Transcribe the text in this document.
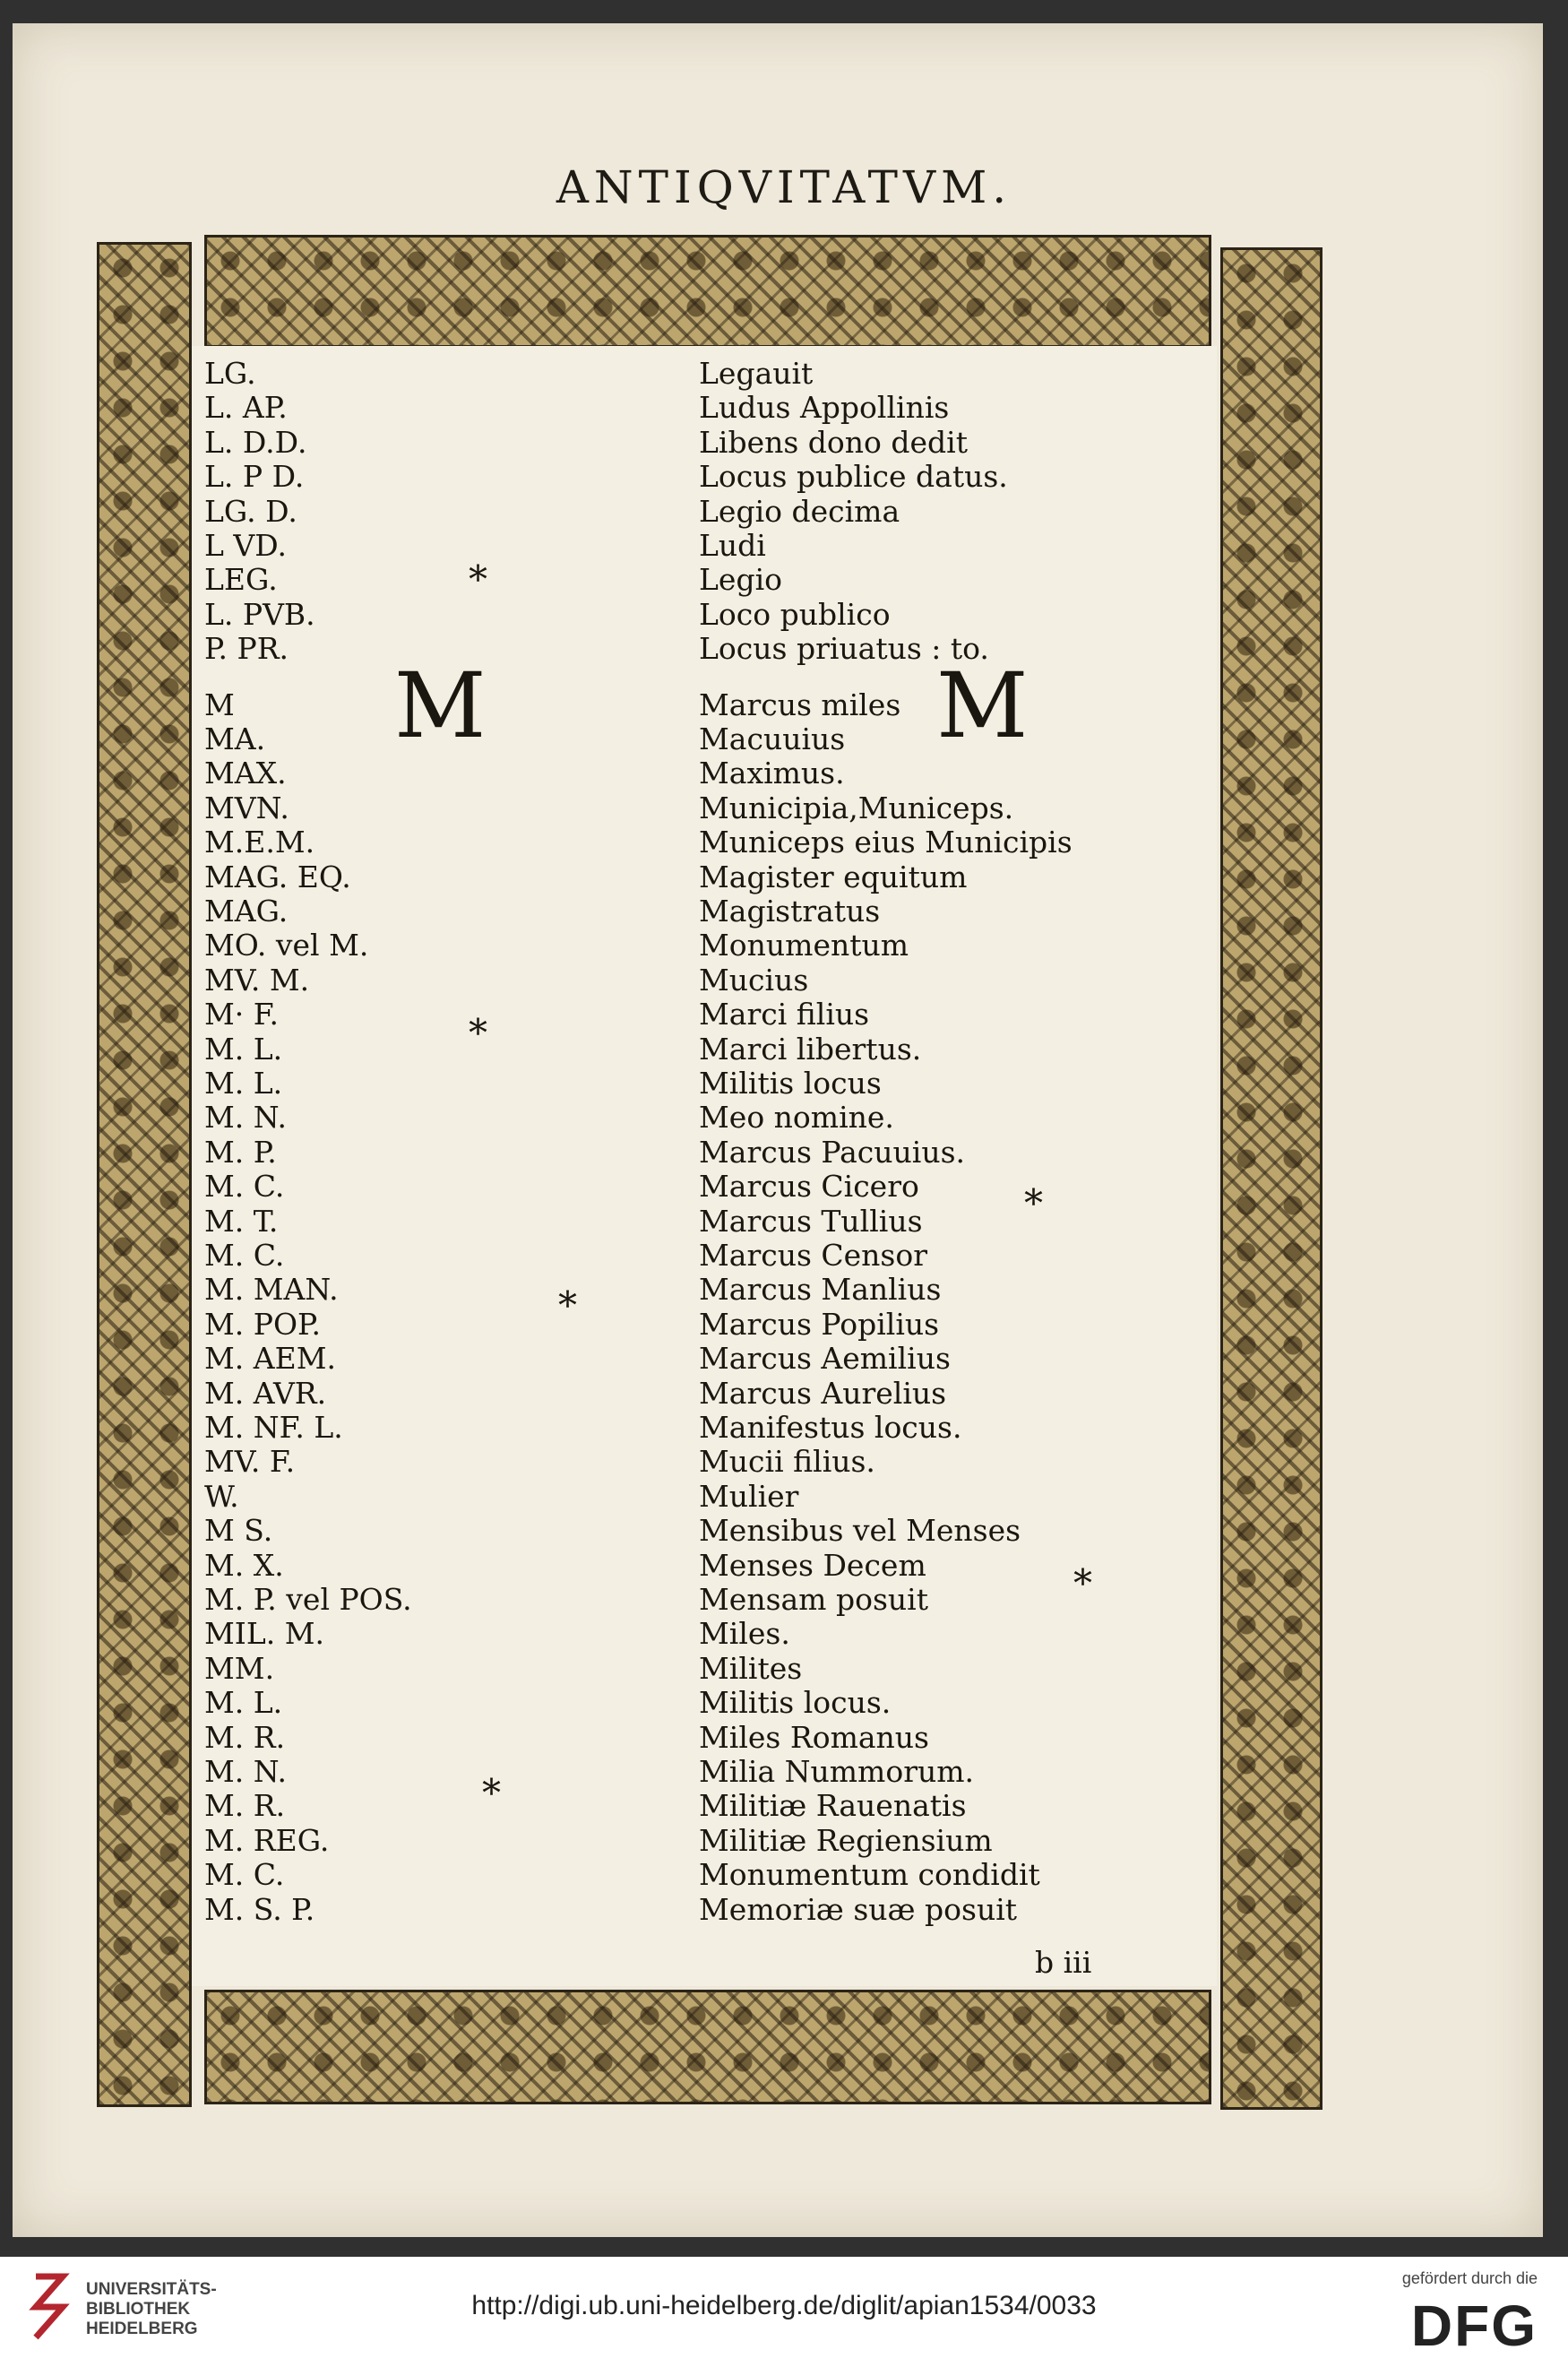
ANTIQVITATVM.
LG.	Legauit
L. AP.	Ludus Appollinis
L. D.D.	Libens dono dedit
L. P D.	Locus publice datus.
LG. D.	Legio decima
L VD.	Ludi
LEG.	Legio
L. PVB.	Loco publico
P. PR.	Locus priuatus : to.
M	Marcus miles
MA.	Macuuius
MAX.	Maximus.
MVN.	Municipia,Municeps.
M.E.M.	Municeps eius Municipis
MAG. EQ.	Magister equitum
MAG.	Magistratus
MO. vel M.	Monumentum
MV. M.	Mucius
M· F.	Marci filius
M. L.	Marci libertus.
M. L.	Militis locus
M. N.	Meo nomine.
M. P.	Marcus Pacuuius.
M. C.	Marcus Cicero
M. T.	Marcus Tullius
M. C.	Marcus Censor
M. MAN.	Marcus Manlius
M. POP.	Marcus Popilius
M. AEM.	Marcus Aemilius
M. AVR.	Marcus Aurelius
M. NF. L.	Manifestus locus.
MV. F.	Mucii filius.
W.	Mulier
M S.	Mensibus vel Menses
M. X.	Menses Decem
M. P. vel POS.	Mensam posuit
MIL. M.	Miles.
MM.	Milites
M. L.	Militis locus.
M. R.	Miles Romanus
M. N.	Milia Nummorum.
M. R.	Militiæ Rauenatis
M. REG.	Militiæ Regiensium
M. C.	Monumentum condidit
M. S. P.	Memoriæ suæ posuit
M	M
*
*
*
*
*
*
b iii
UNIVERSITÄTS-
BIBLIOTHEK
HEIDELBERG
http://digi.ub.uni-heidelberg.de/diglit/apian1534/0033
gefördert durch die
DFG
